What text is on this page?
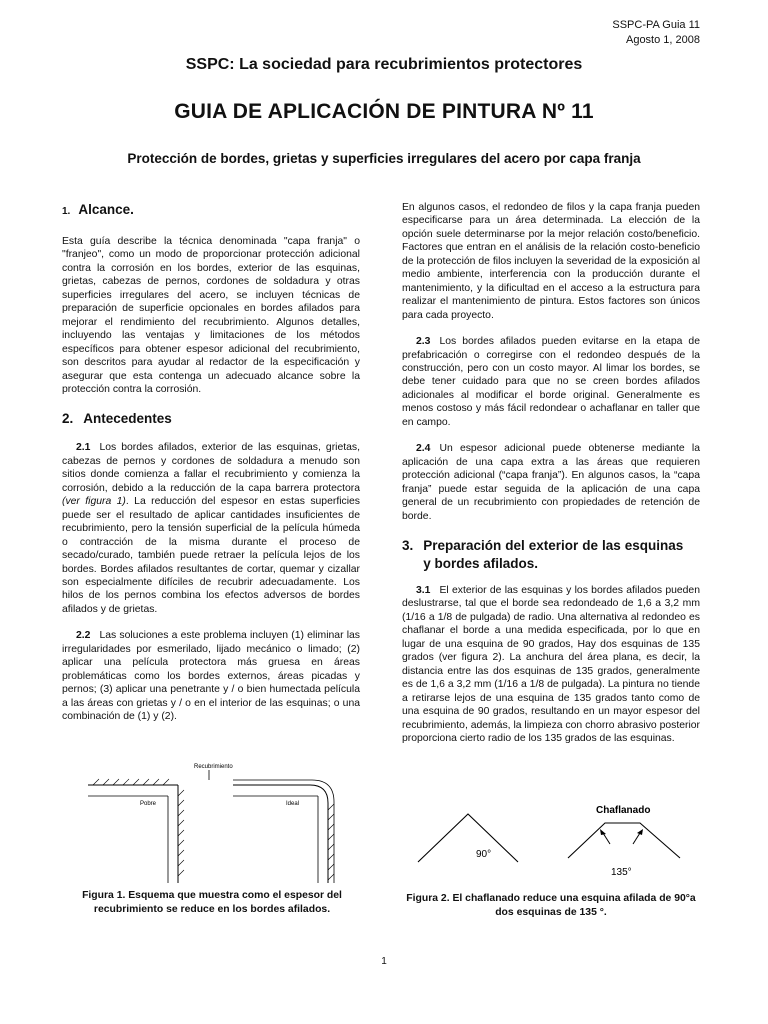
SSPC-PA Guia 11
Agosto 1, 2008
SSPC: La sociedad para recubrimientos protectores
GUIA DE APLICACIÓN DE PINTURA Nº 11
Protección de bordes, grietas y superficies irregulares del acero por capa franja
1. Alcance.

Esta guía describe la técnica denominada "capa franja" o "franjeo", como un modo de proporcionar protección adicional contra la corrosión en los bordes, exterior de las esquinas, grietas, cabezas de pernos, cordones de soldadura y otras superficies irregulares del acero, se incluyen técnicas de preparación de superficie opcionales en bordes afilados para mejorar el rendimiento del recubrimiento. Algunos detalles, incluyendo las ventajas y limitaciones de los métodos específicos para obtener espesor adicional del recubrimiento, son descritos para ayudar al redactor de la especificación y asegurar que esta contenga un adecuado alcance sobre la protección contra la corrosión.

2. Antecedentes

2.1 Los bordes afilados, exterior de las esquinas, grietas, cabezas de pernos y cordones de soldadura a menudo son sitios donde comienza a fallar el recubrimiento y comienza la corrosión, debido a la reducción de la capa barrera protectora (ver figura 1). La reducción del espesor en estas superficies puede ser el resultado de aplicar cantidades insuficientes de recubrimiento, pero la tensión superficial de la película húmeda o contracción de la misma durante el proceso de secado/curado, también puede retraer la película lejos de los bordes. Bordes afilados resultantes de cortar, quemar y cizallar son especialmente difíciles de recubrir adecuadamente. Los hilos de los pernos combina los efectos adversos de bordes afilados y de grietas.

2.2 Las soluciones a este problema incluyen (1) eliminar las irregularidades por esmerilado, lijado mecánico o limado; (2) aplicar una película protectora más gruesa en áreas problemáticas como los bordes externos, áreas picadas y pernos; (3) aplicar una penetrante y / o bien humectada película a las áreas con grietas y / o en el interior de las esquinas; o una combinación de (1) y (2).

Recubrimiento
Pobre	Ideal
Figura 1. Esquema que muestra como el espesor del recubrimiento se reduce en los bordes afilados.

En algunos casos, el redondeo de filos y la capa franja pueden especificarse para un área determinada. La elección de la opción suele determinarse por la mejor relación costo/beneficio. Factores que entran en el análisis de la relación costo-beneficio de la protección de filos incluyen la severidad de la exposición al medio ambiente, interferencia con la producción durante el mantenimiento, y la dificultad en el acceso a la estructura para realizar el mantenimiento de pintura. Estos factores son únicos para cada proyecto.

2.3 Los bordes afilados pueden evitarse en la etapa de prefabricación o corregirse con el redondeo después de la construcción, pero con un costo mayor. Al limar los bordes, se debe tener cuidado para que no se creen bordes afilados adicionales al modificar el borde original. Generalmente es menos costoso y más fácil redondear o achaflanar en taller que en campo.

2.4 Un espesor adicional puede obtenerse mediante la aplicación de una capa extra a las áreas que requieren protección adicional (“capa franja”). En algunos casos, la “capa franja” puede estar seguida de la aplicación de una capa general de un recubrimiento con propiedades de retención de borde.

3. Preparación del exterior de las esquinas y bordes afilados.

3.1 El exterior de las esquinas y los bordes afilados pueden deslustrarse, tal que el borde sea redondeado de 1,6 a 3,2 mm (1/16 a 1/8 de pulgada) de radio. Una alternativa al redondeo es chaflanar el borde a una medida especificada, por lo que en lugar de una esquina de 90 grados, Hay dos esquinas de 135 grados (ver figura 2). La anchura del área plana, es decir, la distancia entre las dos esquinas de 135 grados, generalmente es de 1,6 a 3,2 mm (1/16 a 1/8 de pulgada). La pintura no tiende a retirarse lejos de una esquina de 135 grados tanto como de una esquina de 90 grados, resultando en un mayor espesor del recubrimiento, además, la limpieza con chorro abrasivo posterior proporciona cierto radio de los 135 grados de las esquinas.

Chaflanado
90°
135°
Figura 2. El chaflanado reduce una esquina afilada de 90°a dos esquinas de 135 °.
1
